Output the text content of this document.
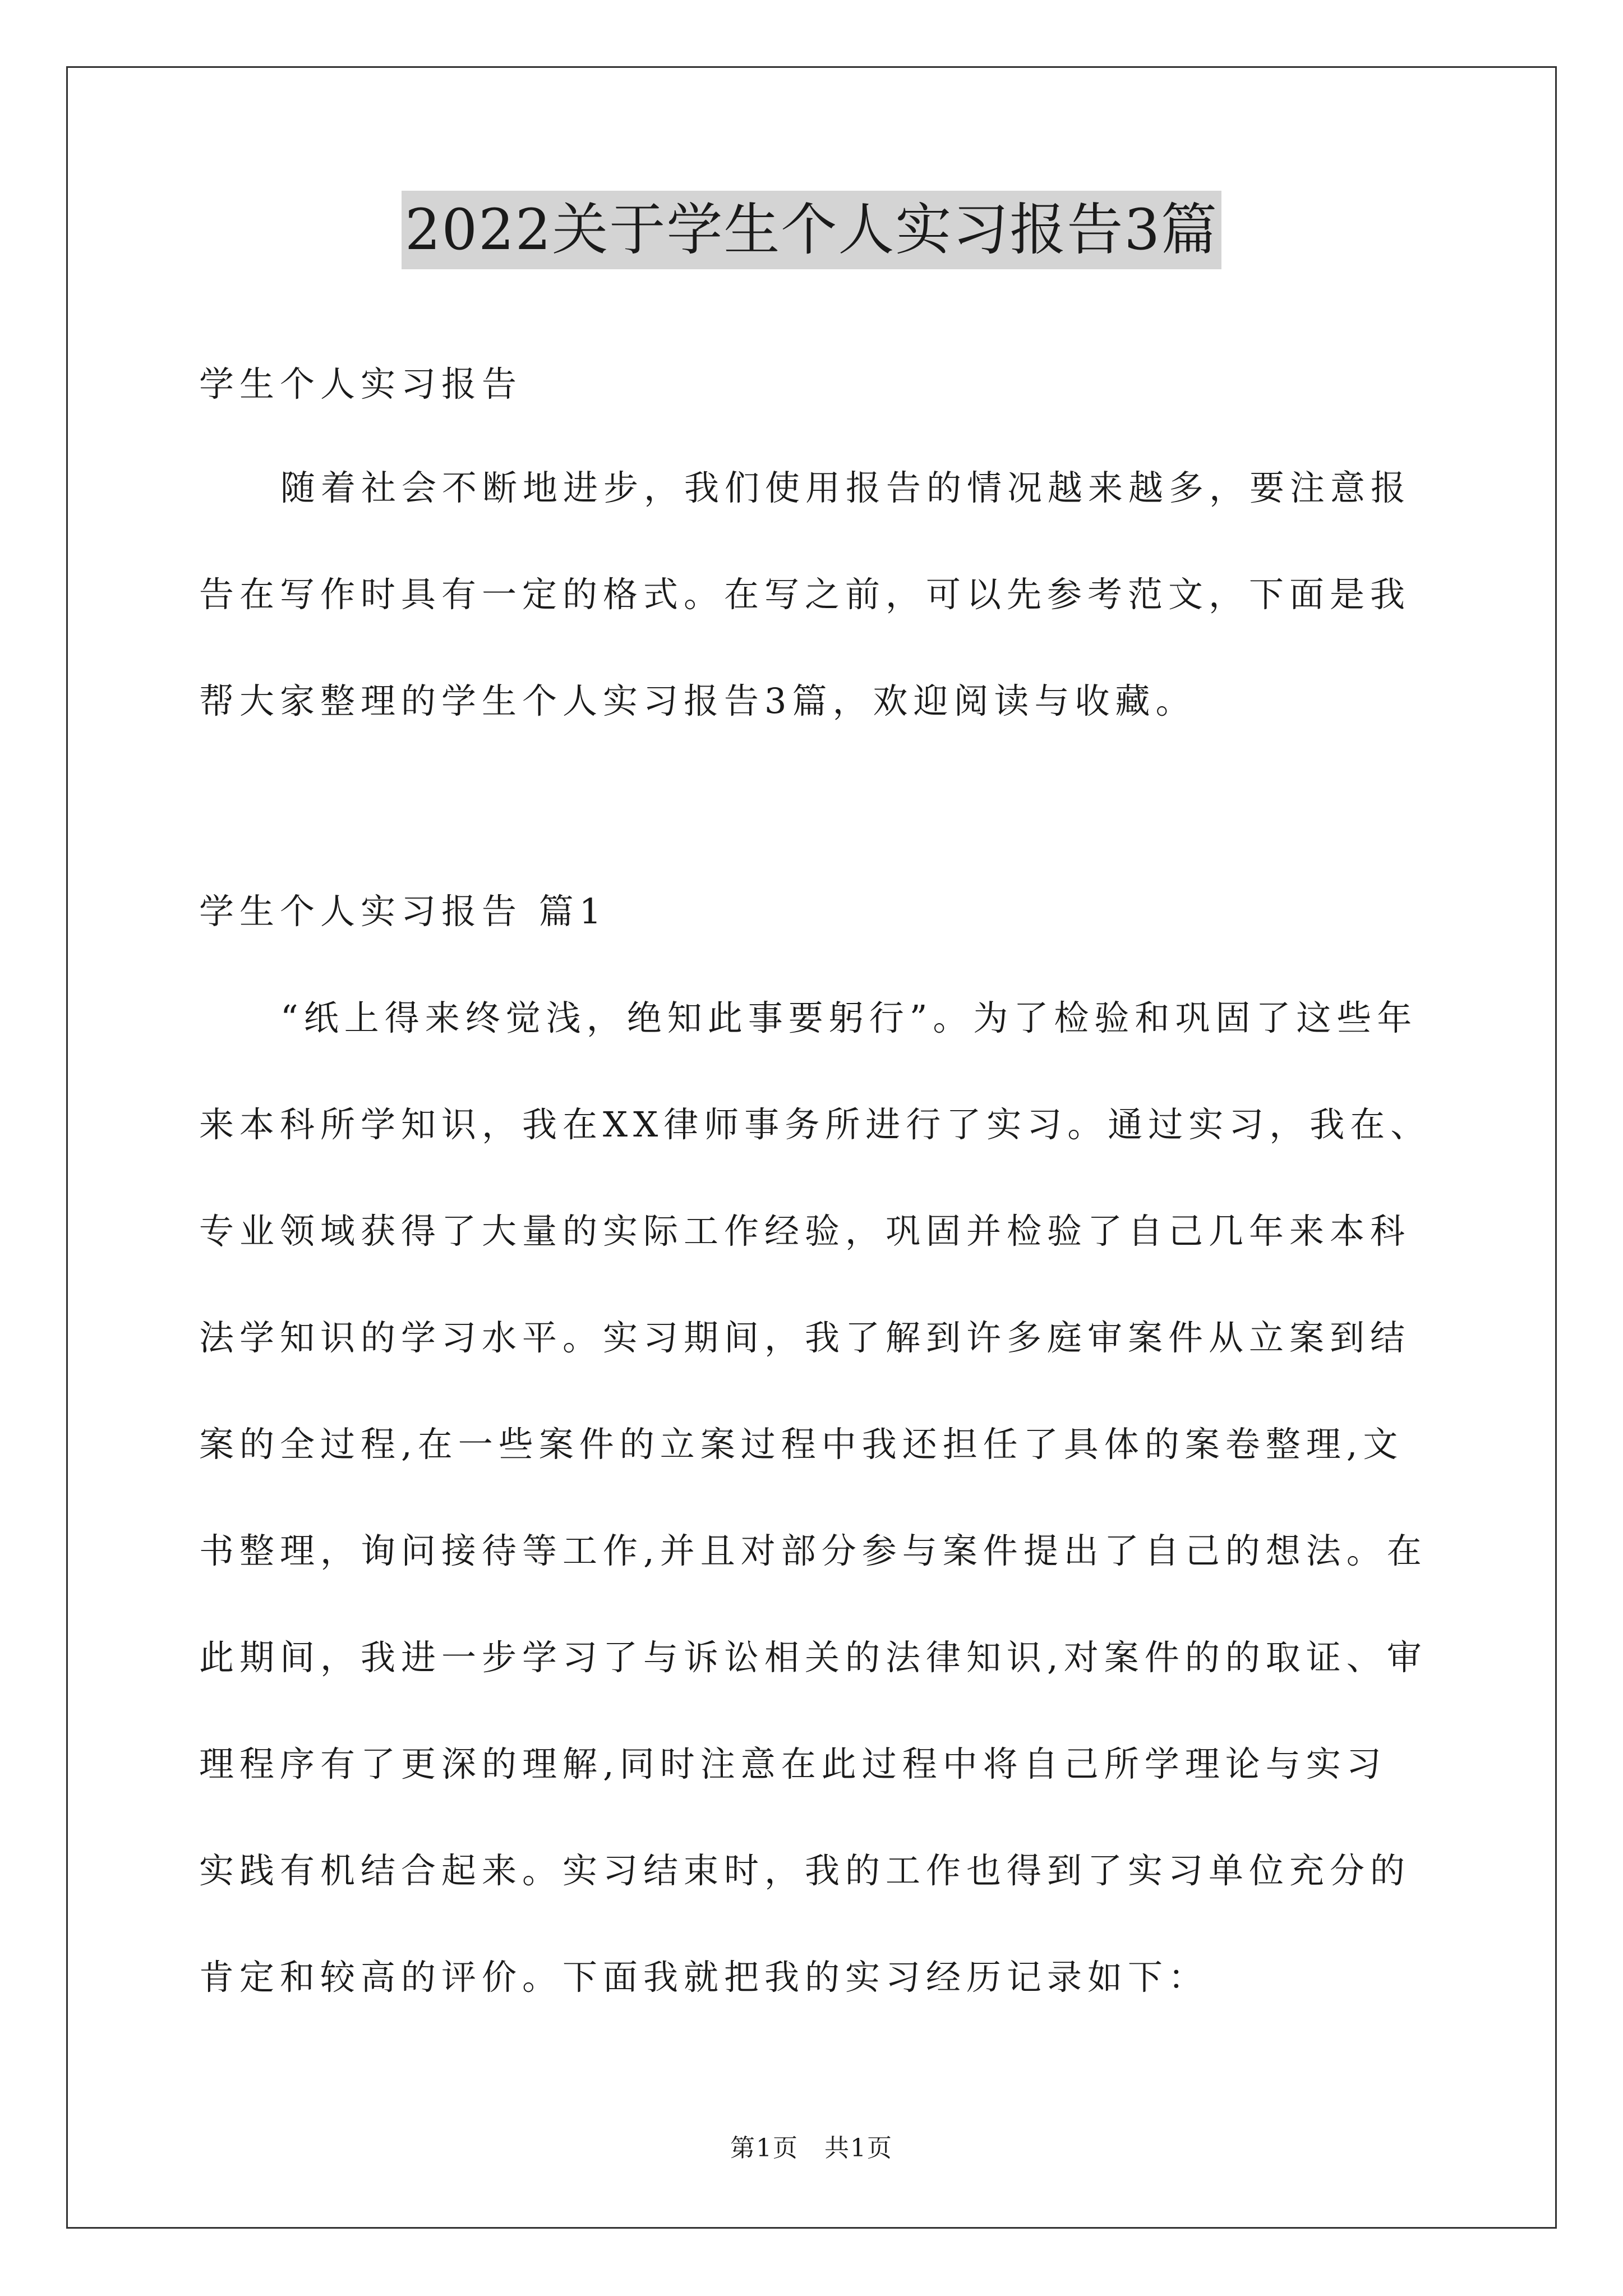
2022关于学生个人实习报告3篇
学生个人实习报告
随着社会不断地进步，我们使用报告的情况越来越多，要注意报
告在写作时具有一定的格式。在写之前，可以先参考范文，下面是我
帮大家整理的学生个人实习报告3篇，欢迎阅读与收藏。
学生个人实习报告 篇1
“纸上得来终觉浅，绝知此事要躬行”。为了检验和巩固了这些年
来本科所学知识，我在XX律师事务所进行了实习。通过实习，我在、
专业领域获得了大量的实际工作经验，巩固并检验了自己几年来本科
法学知识的学习水平。实习期间，我了解到许多庭审案件从立案到结
案的全过程,在一些案件的立案过程中我还担任了具体的案卷整理,文
书整理，询问接待等工作,并且对部分参与案件提出了自己的想法。在
此期间，我进一步学习了与诉讼相关的法律知识,对案件的的取证、审
理程序有了更深的理解,同时注意在此过程中将自己所学理论与实习
实践有机结合起来。实习结束时，我的工作也得到了实习单位充分的
肯定和较高的评价。下面我就把我的实习经历记录如下：
第1页　共1页
